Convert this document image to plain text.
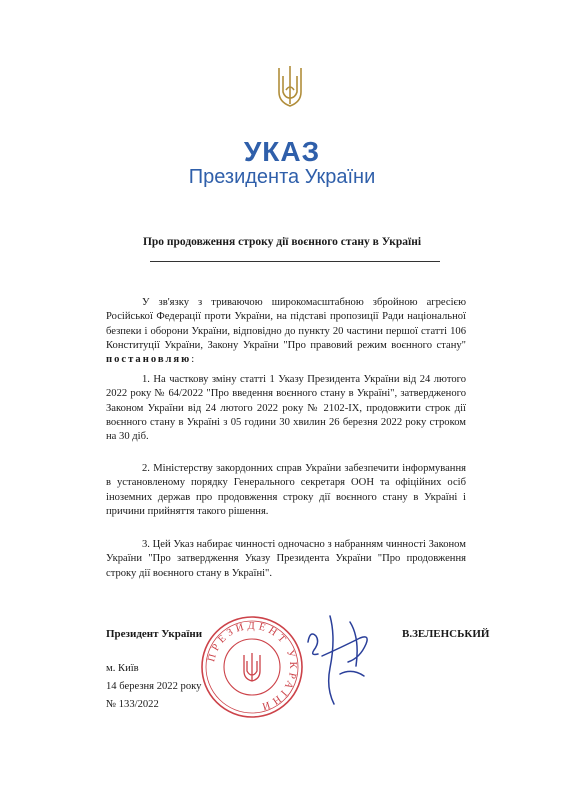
УКАЗ
Президента України
Про продовження строку дії воєнного стану в Україні

У зв'язку з триваючою широкомасштабною збройною агресією Російської Федерації проти України, на підставі пропозиції Ради національної безпеки і оборони України, відповідно до пункту 20 частини першої статті 106 Конституції України, Закону України "Про правовий режим воєнного стану" постановляю:

1. На часткову зміну статті 1 Указу Президента України від 24 лютого 2022 року № 64/2022 "Про введення воєнного стану в Україні", затвердженого Законом України від 24 лютого 2022 року № 2102-IX, продовжити строк дії воєнного стану в Україні з 05 години 30 хвилин 26 березня 2022 року строком на 30 діб.

2. Міністерству закордонних справ України забезпечити інформування в установленому порядку Генерального секретаря ООН та офіційних осіб іноземних держав про продовження строку дії воєнного стану в Україні і причини прийняття такого рішення.

3. Цей Указ набирає чинності одночасно з набранням чинності Законом України "Про затвердження Указу Президента України "Про продовження строку дії воєнного стану в Україні".

Президент України	В.ЗЕЛЕНСЬКИЙ
ПРЕЗИДЕНТ УКРАЇНИ
м. Київ
14 березня 2022 року
№ 133/2022
